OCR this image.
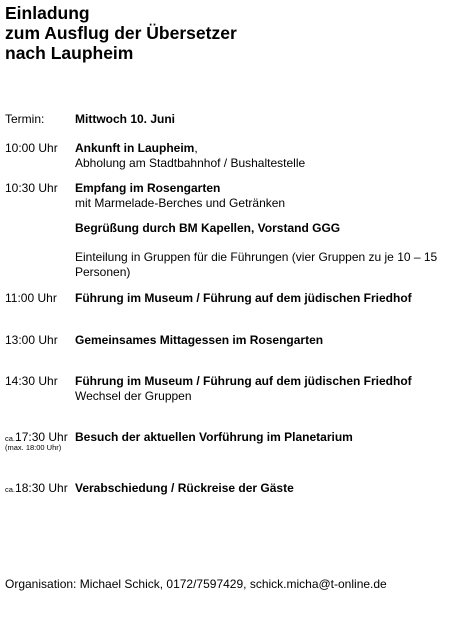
Einladung
zum Ausflug der Übersetzer
nach Laupheim
Termin:	Mittwoch 10. Juni
10:00 Uhr Ankunft in Laupheim,
Abholung am Stadtbahnhof / Bushaltestelle
10:30 Uhr Empfang im Rosengarten
mit Marmelade-Berches und Getränken
Begrüßung durch BM Kapellen, Vorstand GGG
Einteilung in Gruppen für die Führungen (vier Gruppen zu je 10 – 15 Personen)
11:00 Uhr Führung im Museum / Führung auf dem jüdischen Friedhof
13:00 Uhr Gemeinsames Mittagessen im Rosengarten
14:30 Uhr Führung im Museum / Führung auf dem jüdischen Friedhof
Wechsel der Gruppen
ca.17:30 Uhr
(max. 18:00 Uhr)
Besuch der aktuellen Vorführung im Planetarium
ca.18:30 Uhr Verabschiedung / Rückreise der Gäste
Organisation: Michael Schick, 0172/7597429, schick.micha@t-online.de
